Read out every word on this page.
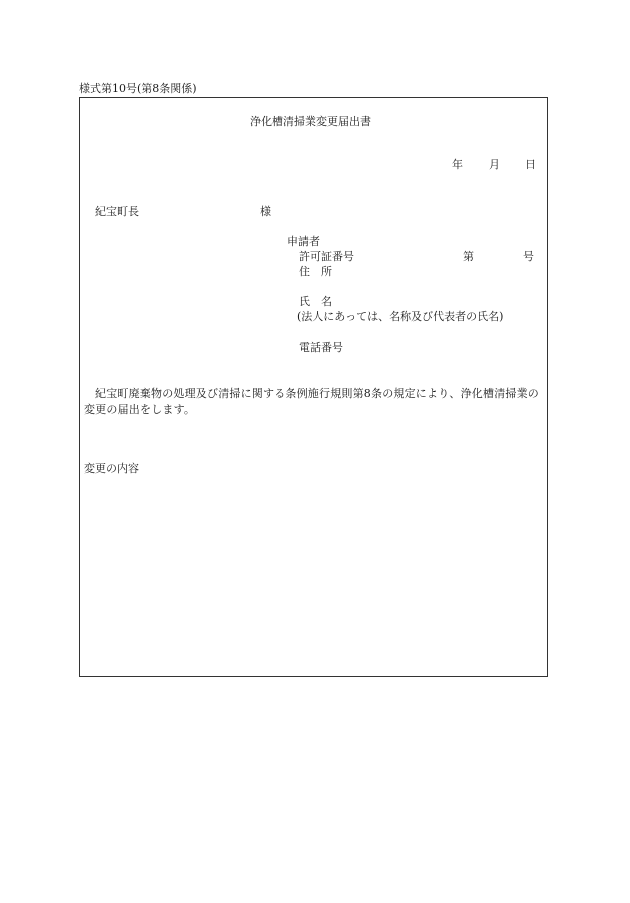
様式第10号(第8条関係)
浄化槽清掃業変更届出書
年 月 日
紀宝町長	様
申請者
許可証番号	第	号
住　所
氏　名
(法人にあっては、名称及び代表者の氏名)
電話番号
紀宝町廃棄物の処理及び清掃に関する条例施行規則第8条の規定により、浄化槽清掃業の変更の届出をします。
変更の内容
